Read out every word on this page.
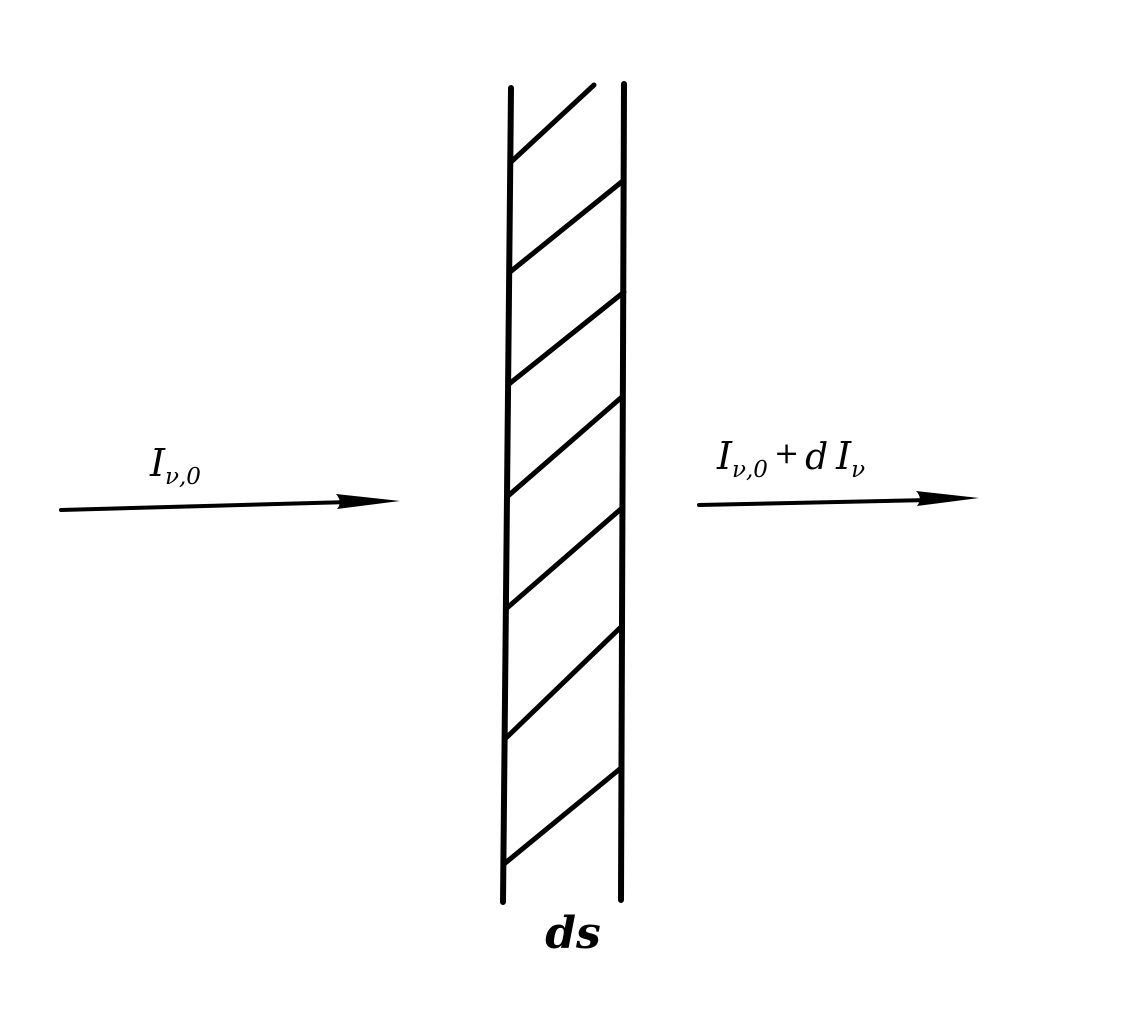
Iν,0	Iν,0 + d Iν
ds
